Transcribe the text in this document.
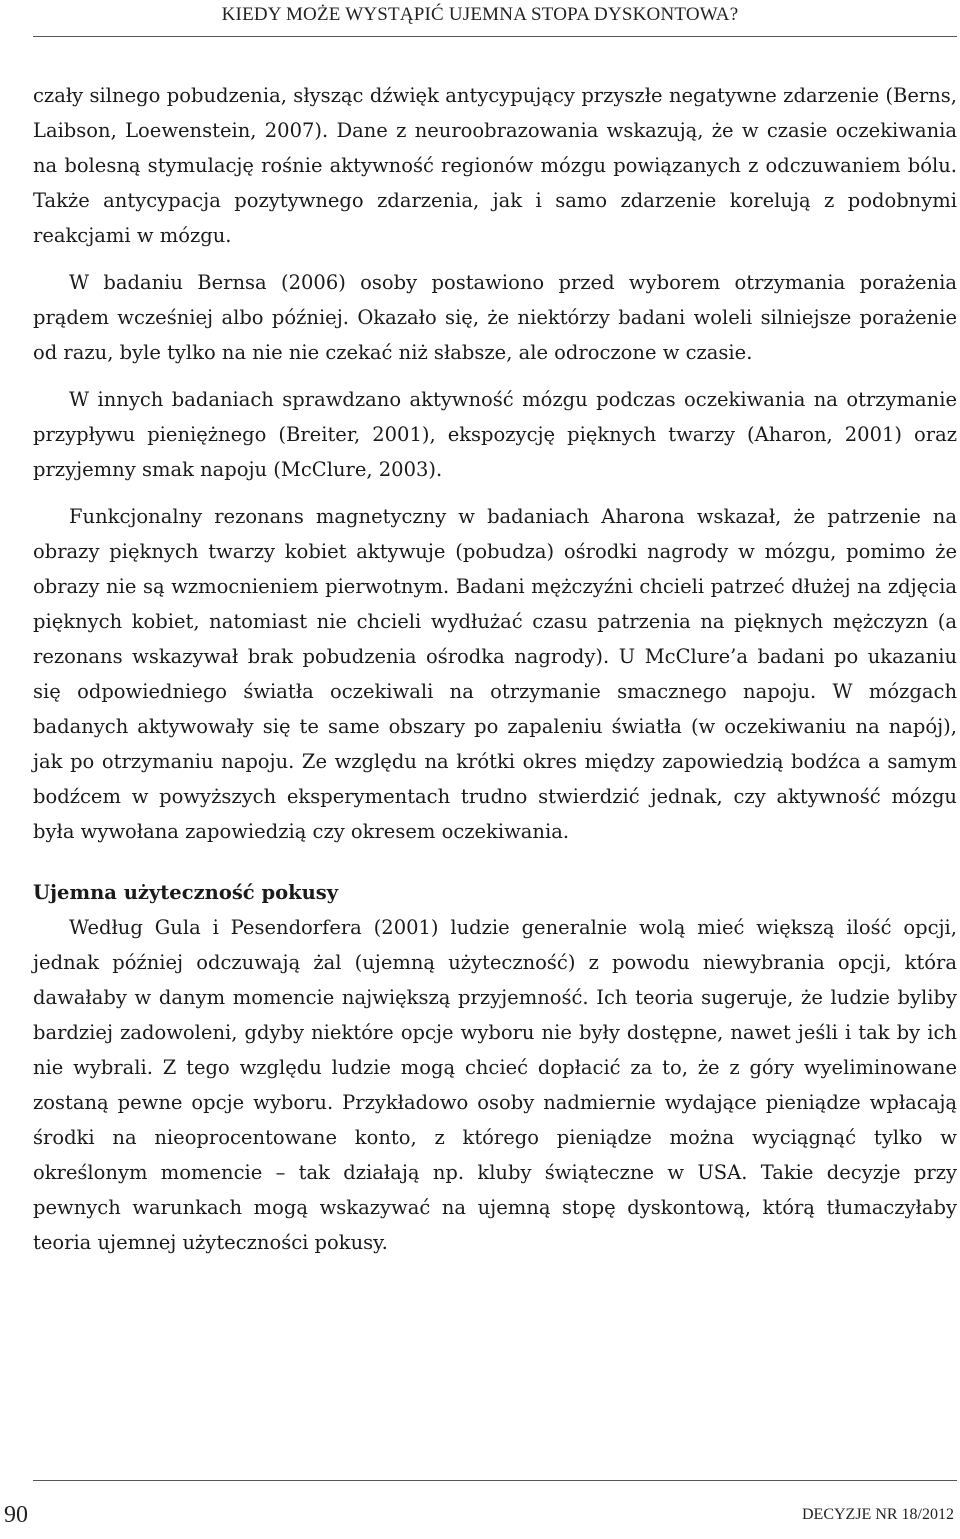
KIEDY MOŻE WYSTĄPIĆ UJEMNA STOPA DYSKONTOWA?

czały silnego pobudzenia, słysząc dźwięk antycypujący przyszłe negatywne zdarzenie (Berns, Laibson, Loewenstein, 2007). Dane z neuroobrazowania wskazują, że w czasie oczekiwania na bolesną stymulację rośnie aktywność regionów mózgu powiązanych z odczuwaniem bólu. Także antycypacja pozytywnego zdarzenia, jak i samo zdarzenie korelują z podobnymi reakcjami w mózgu.

W badaniu Bernsa (2006) osoby postawiono przed wyborem otrzymania porażenia prądem wcześniej albo później. Okazało się, że niektórzy badani woleli silniejsze porażenie od razu, byle tylko na nie nie czekać niż słabsze, ale odroczone w czasie.

W innych badaniach sprawdzano aktywność mózgu podczas oczekiwania na otrzymanie przypływu pieniężnego (Breiter, 2001), ekspozycję pięknych twarzy (Aharon, 2001) oraz przyjemny smak napoju (McClure, 2003).

Funkcjonalny rezonans magnetyczny w badaniach Aharona wskazał, że patrzenie na obrazy pięknych twarzy kobiet aktywuje (pobudza) ośrodki nagrody w mózgu, pomimo że obrazy nie są wzmocnieniem pierwotnym. Badani mężczyźni chcieli patrzeć dłużej na zdjęcia pięknych kobiet, natomiast nie chcieli wydłużać czasu patrzenia na pięknych mężczyzn (a rezonans wskazywał brak pobudzenia ośrodka nagrody). U McClure’a badani po ukazaniu się odpowiedniego światła oczekiwali na otrzymanie smacznego napoju. W mózgach badanych aktywowały się te same obszary po zapaleniu światła (w oczekiwaniu na napój), jak po otrzymaniu napoju. Ze względu na krótki okres między zapowiedzią bodźca a samym bodźcem w powyższych eksperymentach trudno stwierdzić jednak, czy aktywność mózgu była wywołana zapowiedzią czy okresem oczekiwania.

Ujemna użyteczność pokusy

Według Gula i Pesendorfera (2001) ludzie generalnie wolą mieć większą ilość opcji, jednak później odczuwają żal (ujemną użyteczność) z powodu niewybrania opcji, która dawałaby w danym momencie największą przyjemność. Ich teoria sugeruje, że ludzie byliby bardziej zadowoleni, gdyby niektóre opcje wyboru nie były dostępne, nawet jeśli i tak by ich nie wybrali. Z tego względu ludzie mogą chcieć dopłacić za to, że z góry wyeliminowane zostaną pewne opcje wyboru. Przykładowo osoby nadmiernie wydające pieniądze wpłacają środki na nieoprocentowane konto, z którego pieniądze można wyciągnąć tylko w określonym momencie – tak działają np. kluby świąteczne w USA. Takie decyzje przy pewnych warunkach mogą wskazywać na ujemną stopę dyskontową, którą tłumaczyłaby teoria ujemnej użyteczności pokusy.

90	DECYZJE NR 18/2012
